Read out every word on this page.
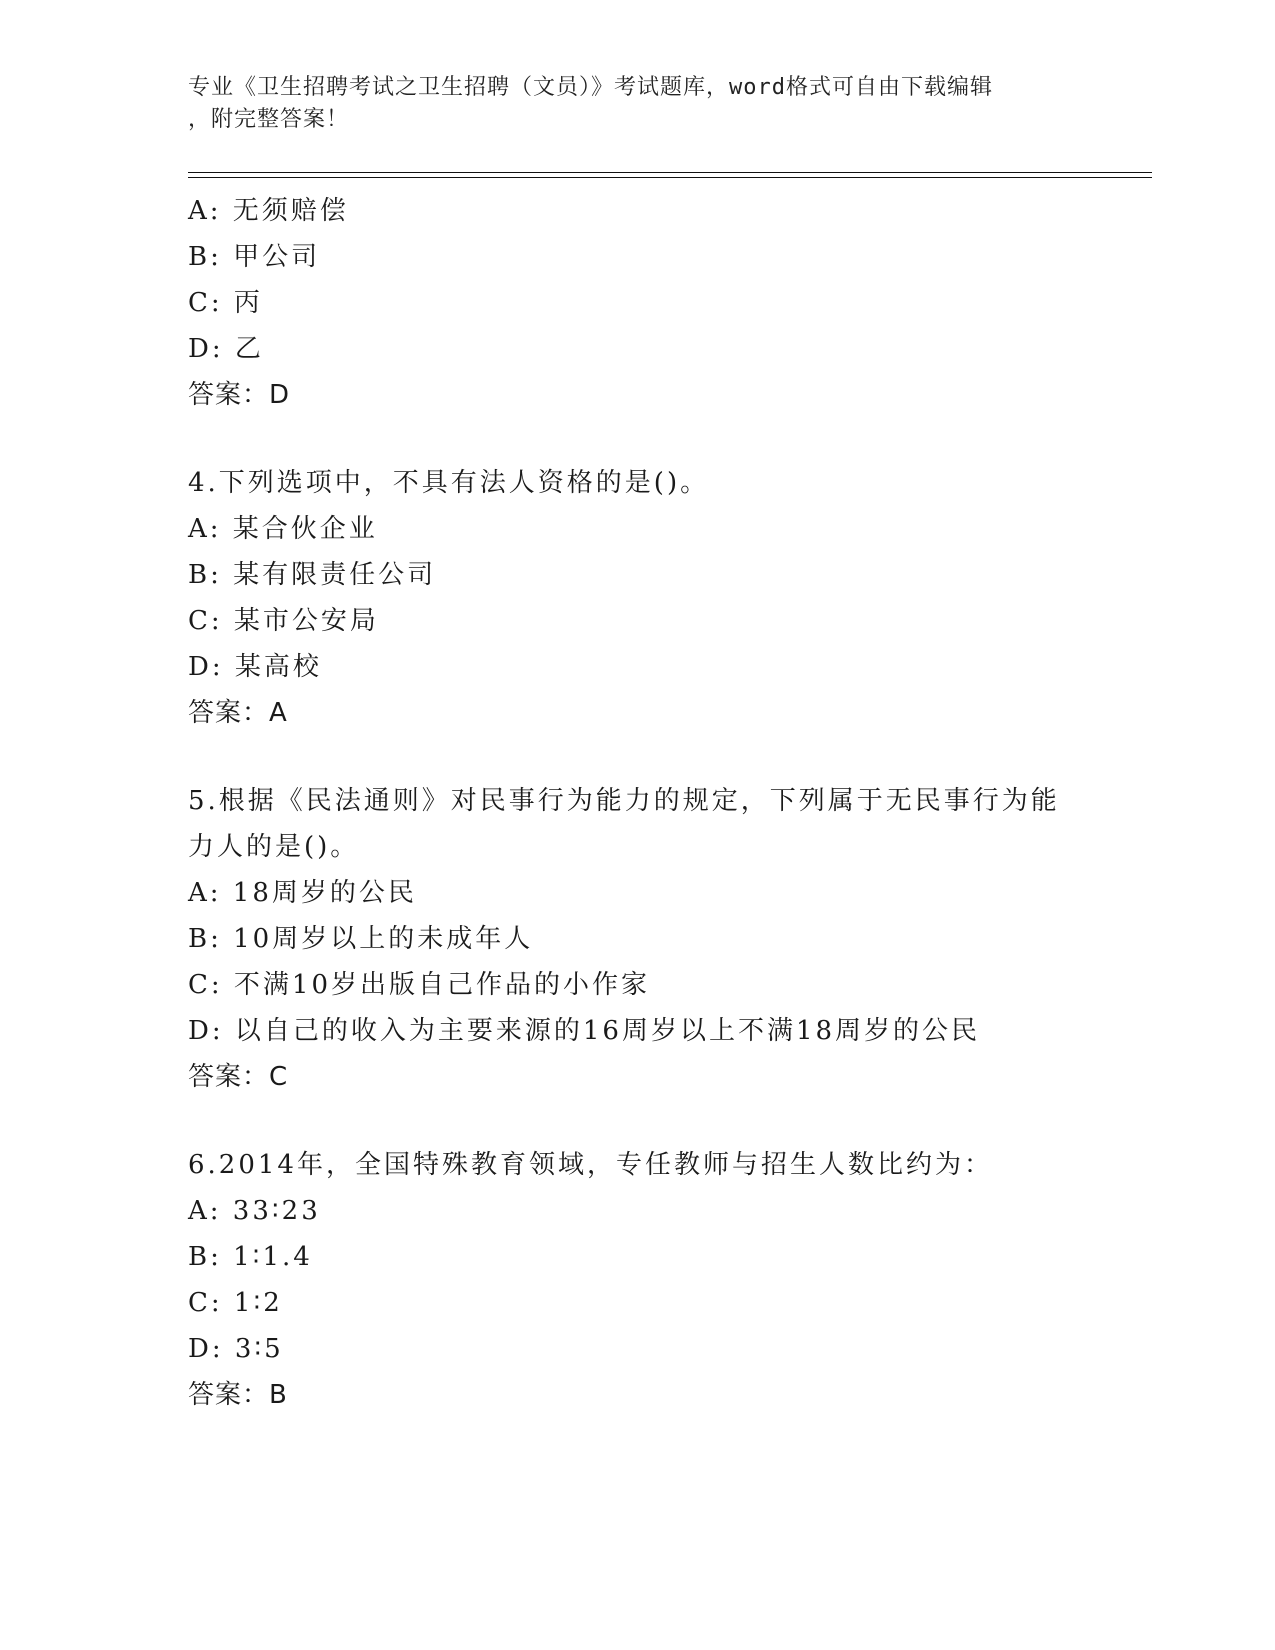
专业《卫生招聘考试之卫生招聘（文员）》考试题库，word格式可自由下载编辑
，附完整答案！
A: 无须赔偿
B: 甲公司
C: 丙
D: 乙
答案：D
4.下列选项中，不具有法人资格的是()。
A: 某合伙企业
B: 某有限责任公司
C: 某市公安局
D: 某高校
答案：A
5.根据《民法通则》对民事行为能力的规定，下列属于无民事行为能
力人的是()。
A: 18周岁的公民
B: 10周岁以上的未成年人
C: 不满10岁出版自己作品的小作家
D: 以自己的收入为主要来源的16周岁以上不满18周岁的公民
答案：C
6.2014年，全国特殊教育领域，专任教师与招生人数比约为：
A: 33∶23
B: 1∶1.4
C: 1∶2
D: 3∶5
答案：B
